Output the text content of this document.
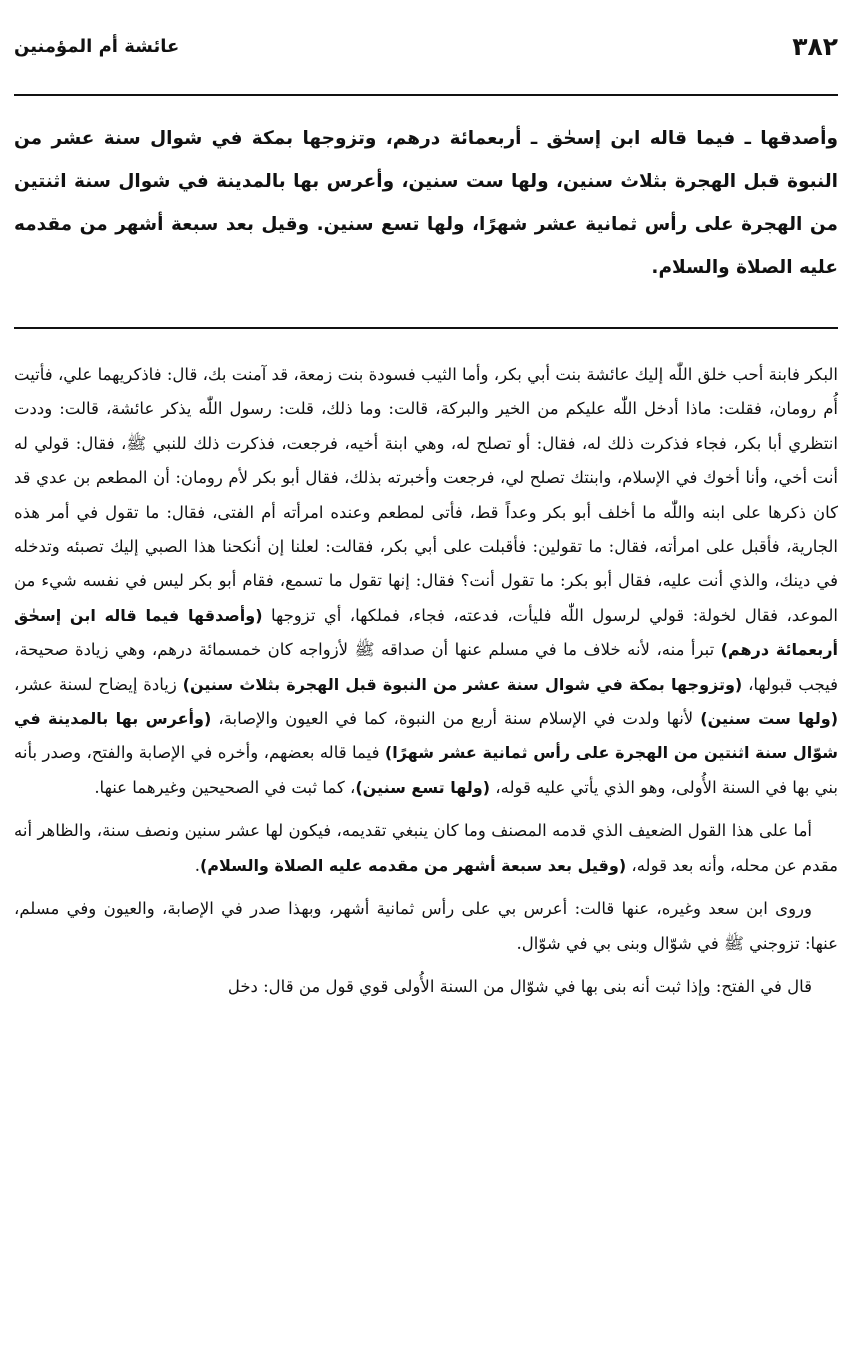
٣٨٢
عائشة أم المؤمنين
وأصدقها ـ فيما قاله ابن إسحٰق ـ أربعمائة درهم، وتزوجها بمكة في شوال سنة عشر من النبوة قبل الهجرة بثلاث سنين، ولها ست سنين، وأعرس بها بالمدينة في شوال سنة اثنتين من الهجرة على رأس ثمانية عشر شهرًا، ولها تسع سنين. وقيل بعد سبعة أشهر من مقدمه عليه الصلاة والسلام.

البكر فابنة أحب خلق اللّٰه إليك عائشة بنت أبي بكر، وأما الثيب فسودة بنت زمعة، قد آمنت بك، قال: فاذكريهما علي، فأتيت أُم رومان، فقلت: ماذا أدخل اللّٰه عليكم من الخير والبركة، قالت: وما ذلك، قلت: رسول اللّٰه يذكر عائشة، قالت: وددت انتظري أبا بكر، فجاء فذكرت ذلك له، فقال: أو تصلح له، وهي ابنة أخيه، فرجعت، فذكرت ذلك للنبي ﷺ، فقال: قولي له أنت أخي، وأنا أخوك في الإسلام، وابنتك تصلح لي، فرجعت وأخبرته بذلك، فقال أبو بكر لأم رومان: أن المطعم بن عدي قد كان ذكرها على ابنه واللّٰه ما أخلف أبو بكر وعداً قط، فأتى لمطعم وعنده امرأته أم الفتى، فقال: ما تقول في أمر هذه الجارية، فأقبل على امرأته، فقال: ما تقولين: فأقبلت على أبي بكر، فقالت: لعلنا إن أنكحنا هذا الصبي إليك تصبئه وتدخله في دينك، والذي أنت عليه، فقال أبو بكر: ما تقول أنت؟ فقال: إنها تقول ما تسمع، فقام أبو بكر ليس في نفسه شيء من الموعد، فقال لخولة: قولي لرسول اللّٰه فليأت، فدعته، فجاء، فملكها، أي تزوجها (وأصدقها فيما قاله ابن إسحٰق أربعمائة درهم) تبرأ منه، لأنه خلاف ما في مسلم عنها أن صداقه ﷺ لأزواجه كان خمسمائة درهم، وهي زيادة صحيحة، فيجب قبولها، (وتزوجها بمكة في شوال سنة عشر من النبوة قبل الهجرة بثلاث سنين) زيادة إيضاح لسنة عشر، (ولها ست سنين) لأنها ولدت في الإسلام سنة أربع من النبوة، كما في العيون والإصابة، (وأعرس بها بالمدينة في شوّال سنة اثنتين من الهجرة على رأس ثمانية عشر شهرًا) فيما قاله بعضهم، وأخره في الإصابة والفتح، وصدر بأنه بني بها في السنة الأُولى، وهو الذي يأتي عليه قوله، (ولها تسع سنين)، كما ثبت في الصحيحين وغيرهما عنها.

أما على هذا القول الضعيف الذي قدمه المصنف وما كان ينبغي تقديمه، فيكون لها عشر سنين ونصف سنة، والظاهر أنه مقدم عن محله، وأنه بعد قوله، (وقيل بعد سبعة أشهر من مقدمه عليه الصلاة والسلام).

وروى ابن سعد وغيره، عنها قالت: أعرس بي على رأس ثمانية أشهر، وبهذا صدر في الإصابة، والعيون وفي مسلم، عنها: تزوجني ﷺ في شوّال وبنى بي في شوّال.

قال في الفتح: وإذا ثبت أنه بنى بها في شوّال من السنة الأُولى قوي قول من قال: دخل
